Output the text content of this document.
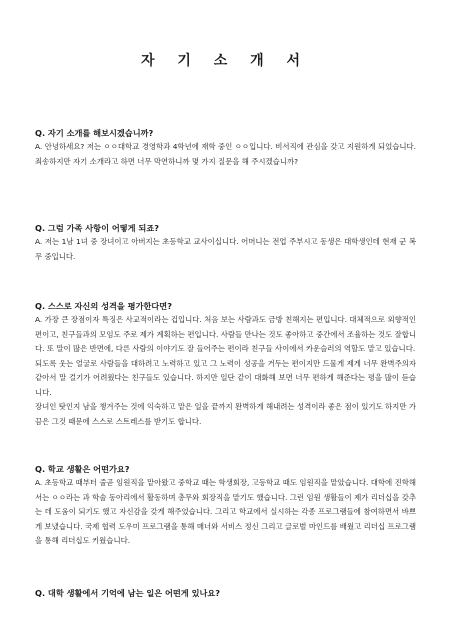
자 기 소 개 서
Q. 자기 소개를 해보시겠습니까?

A. 안녕하세요? 저는 ㅇㅇ대학교 경영학과 4학년에 재학 중인 ㅇㅇ입니다. 비서직에 관심을 갖고 지원하게 되었습니다. 죄송하지만 자기 소개라고 하면 너무 막연하니까 몇 가지 질문을 해 주시겠습니까?

Q. 그럼 가족 사항이 어떻게 되죠?

A. 저는 1남 1녀 중 장녀이고 아버지는 초등학교 교사이십니다. 어머니는 전업 주부시고 동생은 대학생인데 현재 군 복무 중입니다.

Q. 스스로 자신의 성격을 평가한다면?

A. 가장 큰 장점이자 특징은 사교적이라는 겁입니다. 처음 보는 사람과도 금방 친해지는 편입니다. 대체적으로 외향적인 편이고, 친구들과의 모임도 주로 제가 계획하는 편입니다. 사람들 만나는 것도 좋아하고 중간에서 조율하는 것도 잘합니다. 또 말이 많은 반면에, 다른 사람의 이야기도 잘 들어주는 편이라 친구들 사이에서 카운슬러의 역할도 맡고 있습니다.

되도록 웃는 얼굴로 사람들을 대하려고 노력하고 있고 그 노력이 성공을 거두는 편이지만 드물게 제게 너무 완벽주의자 같아서 말 걸기가 어려웠다는 친구들도 있습니다. 하지만 일단 같이 대화해 보면 너무 편하게 해준다는 평을 많이 듣습니다.

장녀인 탓인지 남을 챙겨주는 것에 익숙하고 맡은 일을 끝까지 완벽하게 해내려는 성격이라 좋은 점이 있기도 하지만 가끔은 그것 때문에 스스로 스트레스를 받기도 합니다.

Q. 학교 생활은 어떤가요?

A. 초등학교 때부터 줄곧 임원직을 맡아왔고 중학교 때는 학생회장, 고등학교 때도 임원직을 맡았습니다. 대학에 진학해서는 ㅇㅇ라는 과 학술 동아리에서 활동하며 총무와 회장직을 맡기도 했습니다. 그런 임원 생활들이 제가 리더십을 갖추는 데 도움이 되기도 했고 자신감을 갖게 해주었습니다. 그리고 학교에서 실시하는 각종 프로그램들에 참여하면서 바쁘게 보냈습니다. 국제 협력 도우미 프로그램을 통해 매너와 서비스 정신 그리고 글로벌 마인드를 배웠고 리더십 프로그램을 통해 리더십도 키웠습니다.

Q. 대학 생활에서 기억에 남는 일은 어떤게 있나요?
